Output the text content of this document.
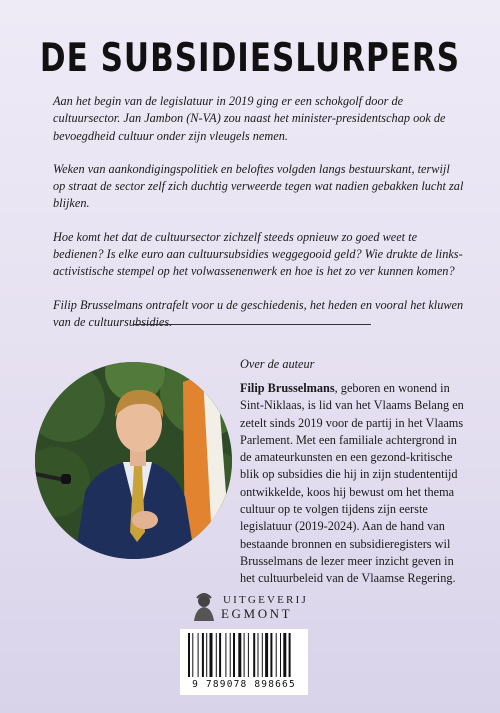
DE SUBSIDIESLURPERS

Aan het begin van de legislatuur in 2019 ging er een schokgolf door de cultuursector. Jan Jambon (N-VA) zou naast het minister-presidentschap ook de bevoegdheid cultuur onder zijn vleugels nemen.

Weken van aankondigingspolitiek en beloftes volgden langs bestuurskant, terwijl op straat de sector zelf zich duchtig verweerde tegen wat nadien gebakken lucht zal blijken.

Hoe komt het dat de cultuursector zichzelf steeds opnieuw zo goed weet te bedienen? Is elke euro aan cultuursubsidies weggegooid geld? Wie drukte de links-activistische stempel op het volwassenenwerk en hoe is het zo ver kunnen komen?

Filip Brusselmans ontrafelt voor u de geschiedenis, het heden en vooral het kluwen van de cultuursubsidies.

Over de auteur
Filip Brusselmans, geboren en wonend in Sint-Niklaas, is lid van het Vlaams Belang en zetelt sinds 2019 voor de partij in het Vlaams Parlement. Met een familiale achtergrond in de amateurkunsten en een gezond-kritische blik op subsidies die hij in zijn studententijd ontwikkelde, koos hij bewust om het thema cultuur op te volgen tijdens zijn eerste legislatuur (2019-2024). Aan de hand van bestaande bronnen en subsidieregisters wil Brusselmans de lezer meer inzicht geven in het cultuurbeleid van de Vlaamse Regering.
UITGEVERIJ
EGMONT
9 789078 898665
